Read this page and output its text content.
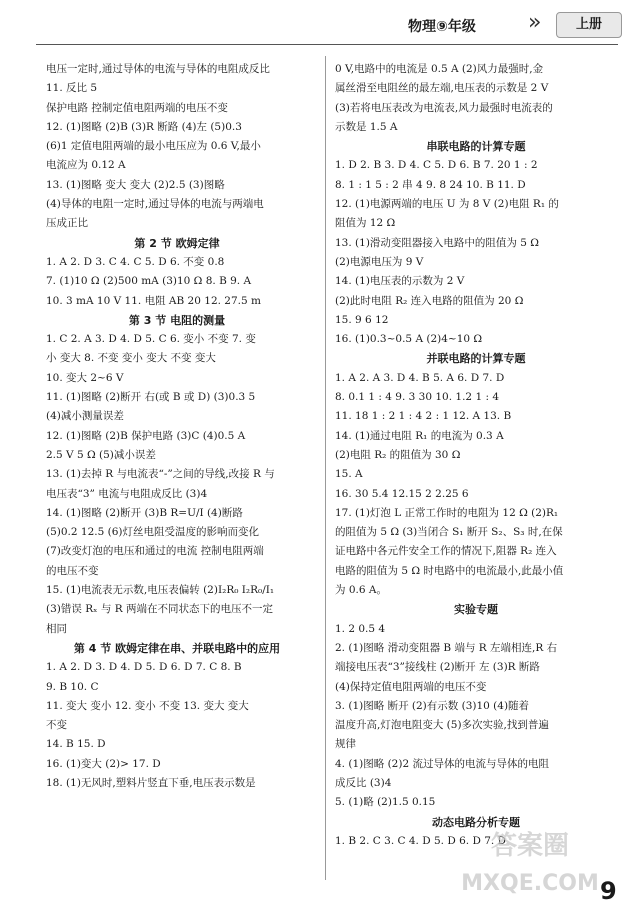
物理⑨年级 »	上册
电压一定时,通过导体的电流与导体的电阻成反比
11. 反比 5
保护电路 控制定值电阻两端的电压不变
12. (1)图略 (2)B (3)R 断路 (4)左 (5)0.3
(6)1 定值电阻两端的最小电压应为 0.6 V,最小
电流应为 0.12 A
13. (1)图略 变大 变大 (2)2.5 (3)图略
(4)导体的电阻一定时,通过导体的电流与两端电
压成正比
第 2 节 欧姆定律
1. A 2. D 3. C 4. C 5. D 6. 不变 0.8
7. (1)10 Ω (2)500 mA (3)10 Ω 8. B 9. A
10. 3 mA 10 V 11. 电阻 AB 20 12. 27.5 m
第 3 节 电阻的测量
1. C 2. A 3. D 4. D 5. C 6. 变小 不变 7. 变
小 变大 8. 不变 变小 变大 不变 变大
10. 变大 2~6 V
11. (1)图略 (2)断开 右(或 B 或 D) (3)0.3 5
(4)减小测量误差
12. (1)图略 (2)B 保护电路 (3)C (4)0.5 A
2.5 V 5 Ω (5)减小误差
13. (1)去掉 R 与电流表“-”之间的导线,改接 R 与
电压表“3” 电流与电阻成反比 (3)4
14. (1)图略 (2)断开 (3)B R=U/I (4)断路
(5)0.2 12.5 (6)灯丝电阻受温度的影响而变化
(7)改变灯泡的电压和通过的电流 控制电阻两端
的电压不变
15. (1)电流表无示数,电压表偏转 (2)I₂R₀ I₂R₀/I₁
(3)错误 Rₓ 与 R 两端在不同状态下的电压不一定
相同
第 4 节 欧姆定律在串、并联电路中的应用
1. A 2. D 3. D 4. D 5. D 6. D 7. C 8. B
9. B 10. C
11. 变大 变小 12. 变小 不变 13. 变大 变大
不变
14. B 15. D
16. (1)变大 (2)> 17. D
18. (1)无风时,塑料片竖直下垂,电压表示数是
0 V,电路中的电流是 0.5 A (2)风力最强时,金
属丝滑至电阻丝的最左端,电压表的示数是 2 V
(3)若将电压表改为电流表,风力最强时电流表的
示数是 1.5 A
串联电路的计算专题
1. D 2. B 3. D 4. C 5. D 6. B 7. 20 1 : 2
8. 1 : 1 5 : 2 串 4 9. 8 24 10. B 11. D
12. (1)电源两端的电压 U 为 8 V (2)电阻 R₁ 的
阻值为 12 Ω
13. (1)滑动变阻器接入电路中的阻值为 5 Ω
(2)电源电压为 9 V
14. (1)电压表的示数为 2 V
(2)此时电阻 R₂ 连入电路的阻值为 20 Ω
15. 9 6 12
16. (1)0.3~0.5 A (2)4~10 Ω
并联电路的计算专题
1. A 2. A 3. D 4. B 5. A 6. D 7. D
8. 0.1 1 : 4 9. 3 30 10. 1.2 1 : 4
11. 18 1 : 2 1 : 4 2 : 1 12. A 13. B
14. (1)通过电阻 R₁ 的电流为 0.3 A
(2)电阻 R₂ 的阻值为 30 Ω
15. A
16. 30 5.4 12.15 2 2.25 6
17. (1)灯泡 L 正常工作时的电阻为 12 Ω (2)R₁
的阻值为 5 Ω (3)当闭合 S₁ 断开 S₂、S₃ 时,在保
证电路中各元件安全工作的情况下,阻器 R₂ 连入
电路的阻值为 5 Ω 时电路中的电流最小,此最小值
为 0.6 A。
实验专题
1. 2 0.5 4
2. (1)图略 滑动变阻器 B 端与 R 左端相连,R 右
端接电压表“3”接线柱 (2)断开 左 (3)R 断路
(4)保持定值电阻两端的电压不变
3. (1)图略 断开 (2)有示数 (3)10 (4)随着
温度升高,灯泡电阻变大 (5)多次实验,找到普遍
规律
4. (1)图略 (2)2 流过导体的电流与导体的电阻
成反比 (3)4
5. (1)略 (2)1.5 0.15
动态电路分析专题
1. B 2. C 3. C 4. D 5. D 6. D 7. D
答案圈
MXQE.COM 9
